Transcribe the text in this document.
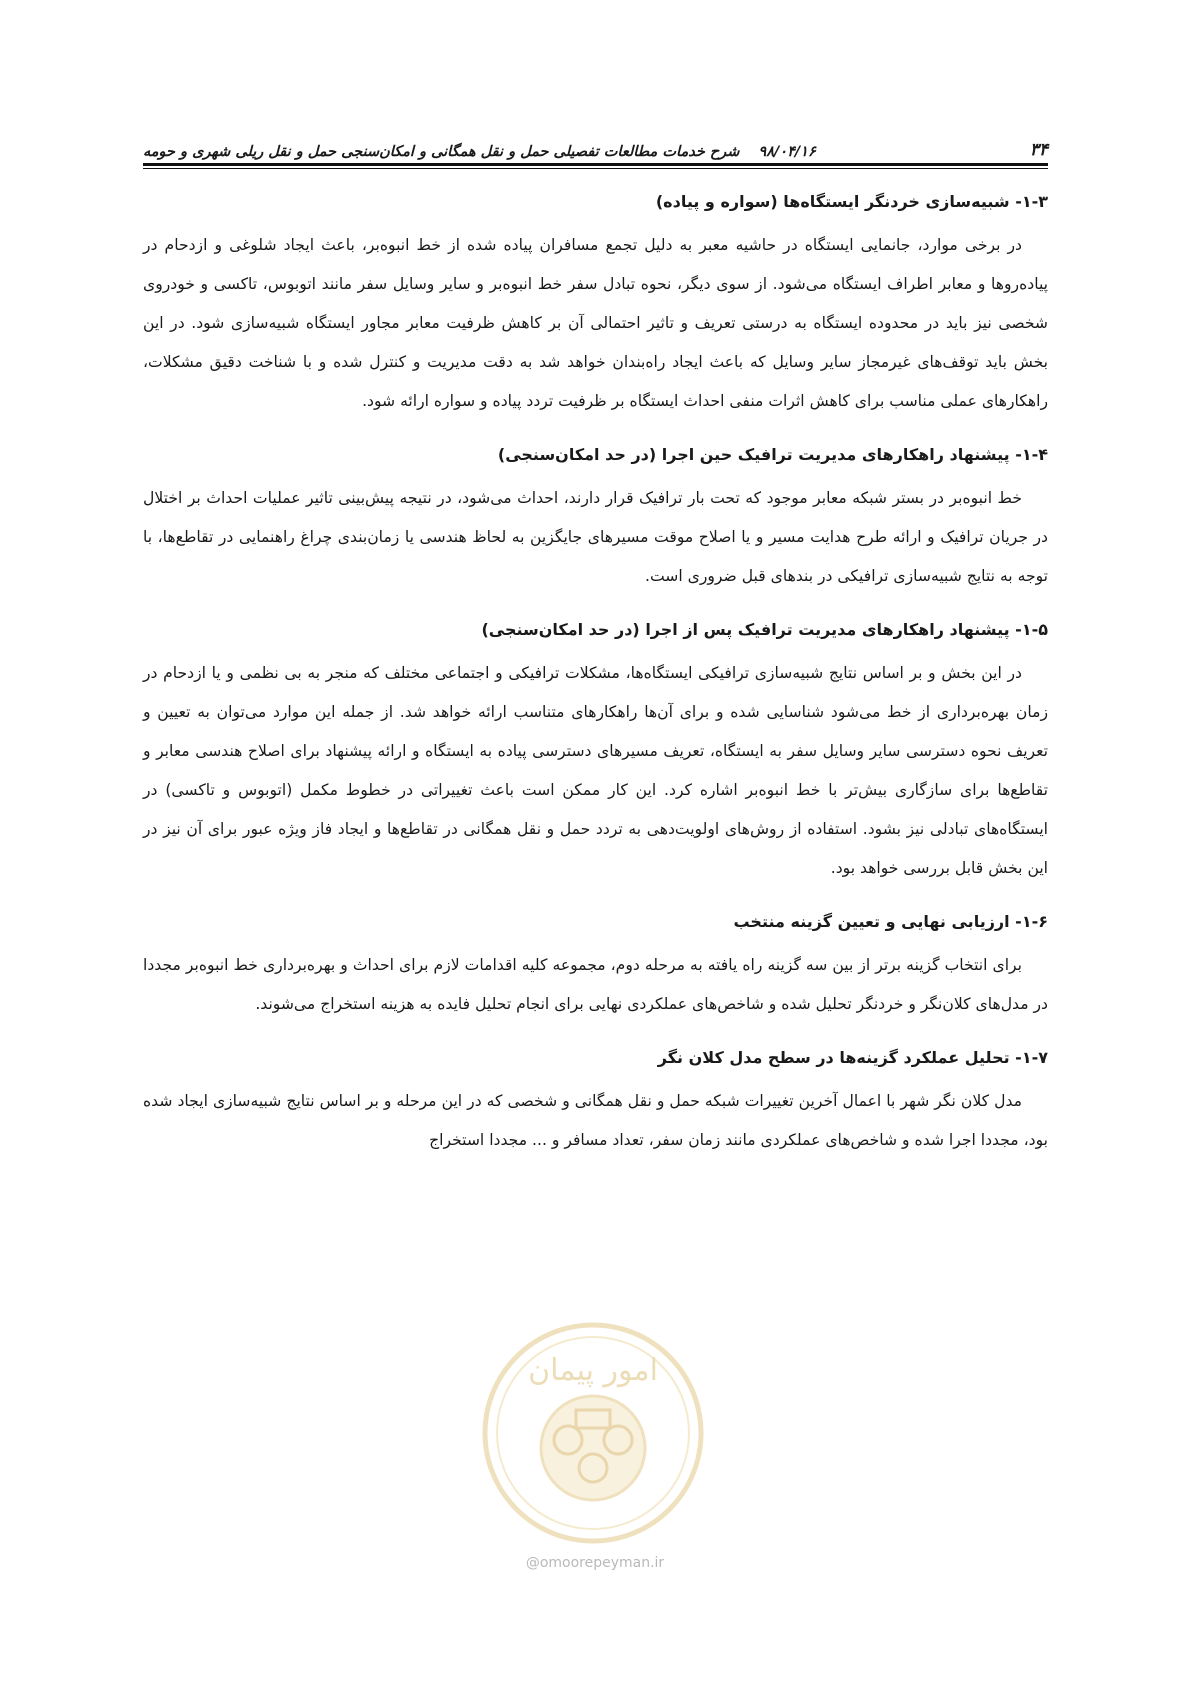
۳۴
۹۸/۰۴/۱۶ شرح خدمات مطالعات تفصیلی حمل و نقل همگانی و امکان‌سنجی حمل و نقل ریلی شهری و حومه
۱-۳- شبیه‌سازی خردنگر ایستگاه‌ها (سواره و پیاده)

در برخی موارد، جانمایی ایستگاه در حاشیه معبر به دلیل تجمع مسافران پیاده شده از خط انبوه‌بر، باعث ایجاد شلوغی و ازدحام در پیاده‌روها و معابر اطراف ایستگاه می‌شود. از سوی دیگر، نحوه تبادل سفر خط انبوه‌بر و سایر وسایل سفر مانند اتوبوس، تاکسی و خودروی شخصی نیز باید در محدوده ایستگاه به درستی تعریف و تاثیر احتمالی آن بر کاهش ظرفیت معابر مجاور ایستگاه شبیه‌سازی شود. در این بخش باید توقف‌های غیرمجاز سایر وسایل که باعث ایجاد راه‌بندان خواهد شد به دقت مدیریت و کنترل شده و با شناخت دقیق مشکلات، راهکارهای عملی مناسب برای کاهش اثرات منفی احداث ایستگاه بر ظرفیت تردد پیاده و سواره ارائه شود.

۱-۴- پیشنهاد راهکارهای مدیریت ترافیک حین اجرا (در حد امکان‌سنجی)

خط انبوه‌بر در بستر شبکه معابر موجود که تحت بار ترافیک قرار دارند، احداث می‌شود، در نتیجه پیش‌بینی تاثیر عملیات احداث بر اختلال در جریان ترافیک و ارائه طرح هدایت مسیر و یا اصلاح موقت مسیرهای جایگزین به لحاظ هندسی یا زمان‌بندی چراغ راهنمایی در تقاطع‌ها، با توجه به نتایج شبیه‌سازی ترافیکی در بندهای قبل ضروری است.

۱-۵- پیشنهاد راهکارهای مدیریت ترافیک پس از اجرا (در حد امکان‌سنجی)

در این بخش و بر اساس نتایج شبیه‌سازی ترافیکی ایستگاه‌ها، مشکلات ترافیکی و اجتماعی مختلف که منجر به بی نظمی و یا ازدحام در زمان بهره‌برداری از خط می‌شود شناسایی شده و برای آن‌ها راهکارهای متناسب ارائه خواهد شد. از جمله این موارد می‌توان به تعیین و تعریف نحوه دسترسی سایر وسایل سفر به ایستگاه، تعریف مسیرهای دسترسی پیاده به ایستگاه و ارائه پیشنهاد برای اصلاح هندسی معابر و تقاطع‌ها برای سازگاری بیش‌تر با خط انبوه‌بر اشاره کرد. این کار ممکن است باعث تغییراتی در خطوط مکمل (اتوبوس و تاکسی) در ایستگاه‌های تبادلی نیز بشود. استفاده از روش‌های اولویت‌دهی به تردد حمل و نقل همگانی در تقاطع‌ها و ایجاد فاز ویژه عبور برای آن نیز در این بخش قابل بررسی خواهد بود.

۱-۶- ارزیابی نهایی و تعیین گزینه منتخب

برای انتخاب گزینه برتر از بین سه گزینه راه یافته به مرحله دوم، مجموعه کلیه اقدامات لازم برای احداث و بهره‌برداری خط انبوه‌بر مجددا در مدل‌های کلان‌نگر و خردنگر تحلیل شده و شاخص‌های عملکردی نهایی برای انجام تحلیل فایده به هزینه استخراج می‌شوند.

۱-۷- تحلیل عملکرد گزینه‌ها در سطح مدل کلان نگر

مدل کلان نگر شهر با اعمال آخرین تغییرات شبکه حمل و نقل همگانی و شخصی که در این مرحله و بر اساس نتایج شبیه‌سازی ایجاد شده بود، مجددا اجرا شده و شاخص‌های عملکردی مانند زمان سفر، تعداد مسافر و ... مجددا استخراج

امور پیمان
@omoorepeyman.ir
